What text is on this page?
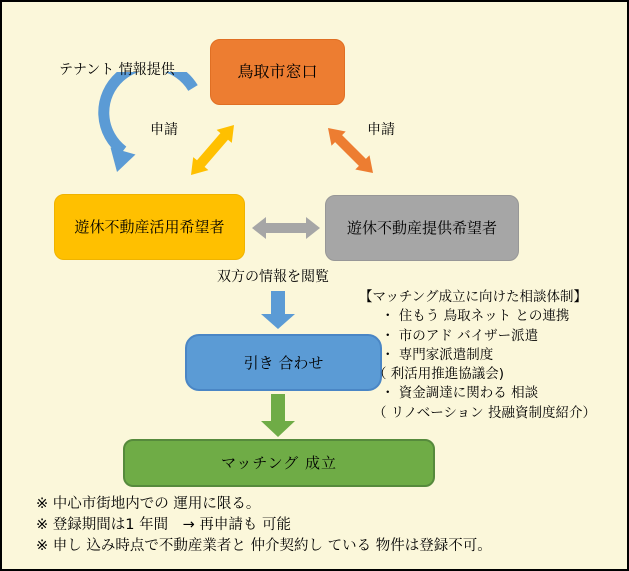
鳥取市窓口
遊休不動産活用希望者	遊休不動産提供希望者
引き 合わせ
マッチング 成立
テナント 情報提供
申請	申請
双方の情報を閲覧
【マッチング成立に向けた相談体制】
・ 住もう 鳥取ネット との連携
・ 市のアド バイザー派遣
・ 専門家派遣制度
（ 利活用推進協議会)
・ 資金調達に関わる 相談
（ リノベーション 投融資制度紹介）
※ 中心市街地内での 運用に限る。
※ 登録期間は1 年間　→ 再申請も 可能
※ 申し 込み時点で不動産業者と 仲介契約し ている 物件は登録不可。
